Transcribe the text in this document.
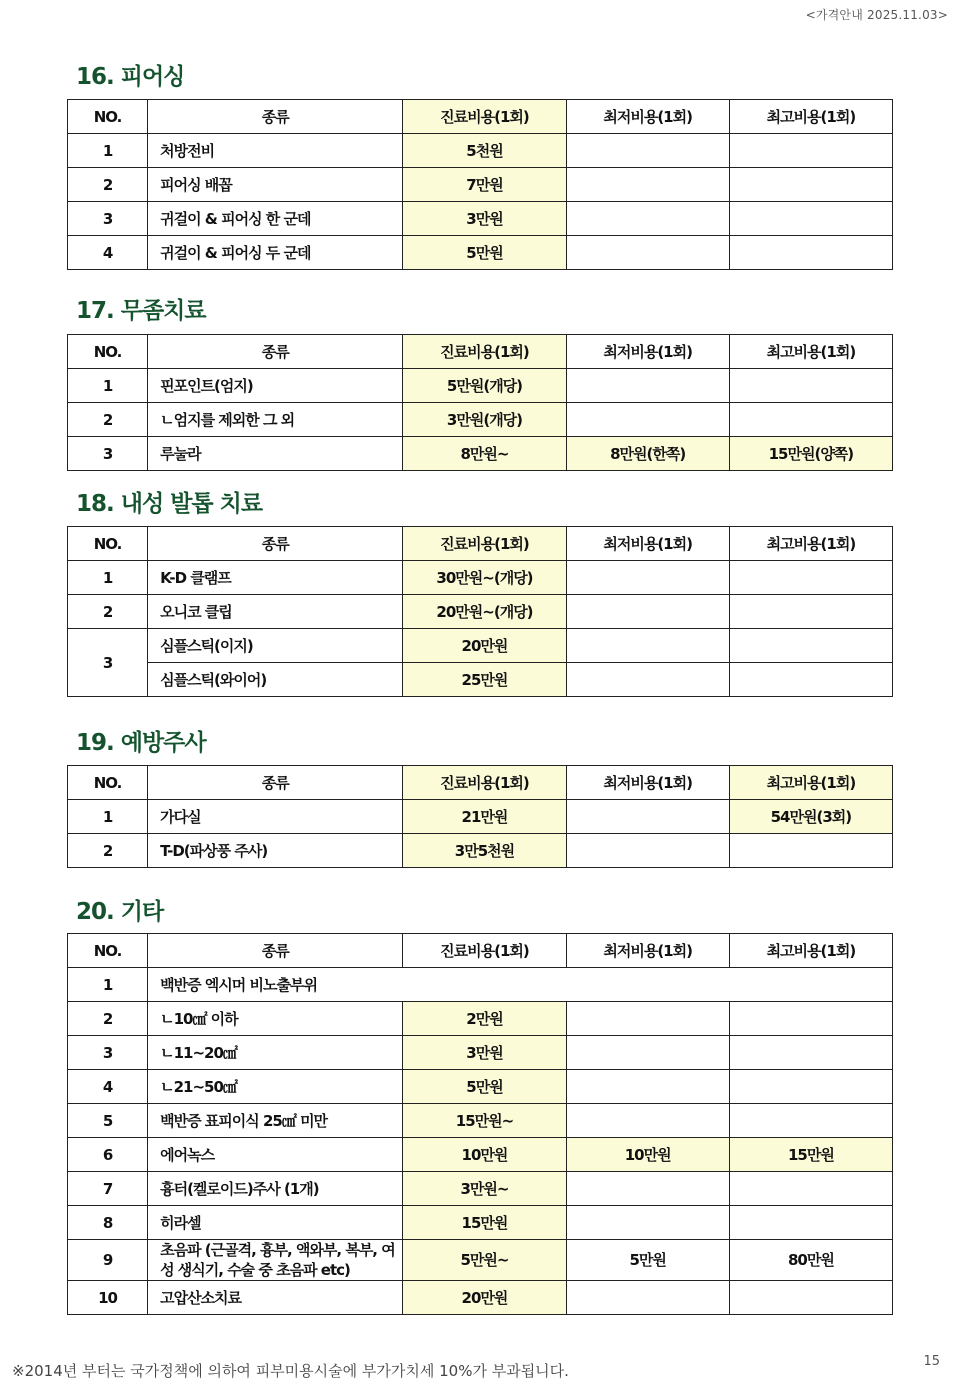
<가격안내 2025.11.03>
16. 피어싱
NO.	종류	진료비용(1회)	최저비용(1회)	최고비용(1회)
1	처방전비	5천원		
2	피어싱 배꼽	7만원		
3	귀걸이 & 피어싱 한 군데	3만원		
4	귀걸이 & 피어싱 두 군데	5만원		
17. 무좀치료
NO.	종류	진료비용(1회)	최저비용(1회)	최고비용(1회)
1	핀포인트(엄지)	5만원(개당)		
2	ㄴ엄지를 제외한 그 외	3만원(개당)		
3	루눌라	8만원~	8만원(한쪽)	15만원(양쪽)
18. 내성 발톱 치료
NO.	종류	진료비용(1회)	최저비용(1회)	최고비용(1회)
1	K-D 클램프	30만원~(개당)		
2	오니코 클립	20만원~(개당)		
3	심플스틱(이지)	20만원		
	심플스틱(와이어)	25만원		
19. 예방주사
NO.	종류	진료비용(1회)	최저비용(1회)	최고비용(1회)
1	가다실	21만원		54만원(3회)
2	T-D(파상풍 주사)	3만5천원		
20. 기타
NO.	종류	진료비용(1회)	최저비용(1회)	최고비용(1회)
1	백반증 엑시머 비노출부위			
2	ㄴ10㎠ 이하	2만원		
3	ㄴ11~20㎠	3만원		
4	ㄴ21~50㎠	5만원		
5	백반증 표피이식 25㎠ 미만	15만원~		
6	에어녹스	10만원	10만원	15만원
7	흉터(켈로이드)주사 (1개)	3만원~		
8	히라셀	15만원		
9	초음파 (근골격, 흉부, 액와부, 복부, 여성 생식기, 수술 중 초음파 etc)	5만원~	5만원	80만원
10	고압산소치료	20만원		
※2014년 부터는 국가정책에 의하여 피부미용시술에 부가가치세 10%가 부과됩니다.
15
